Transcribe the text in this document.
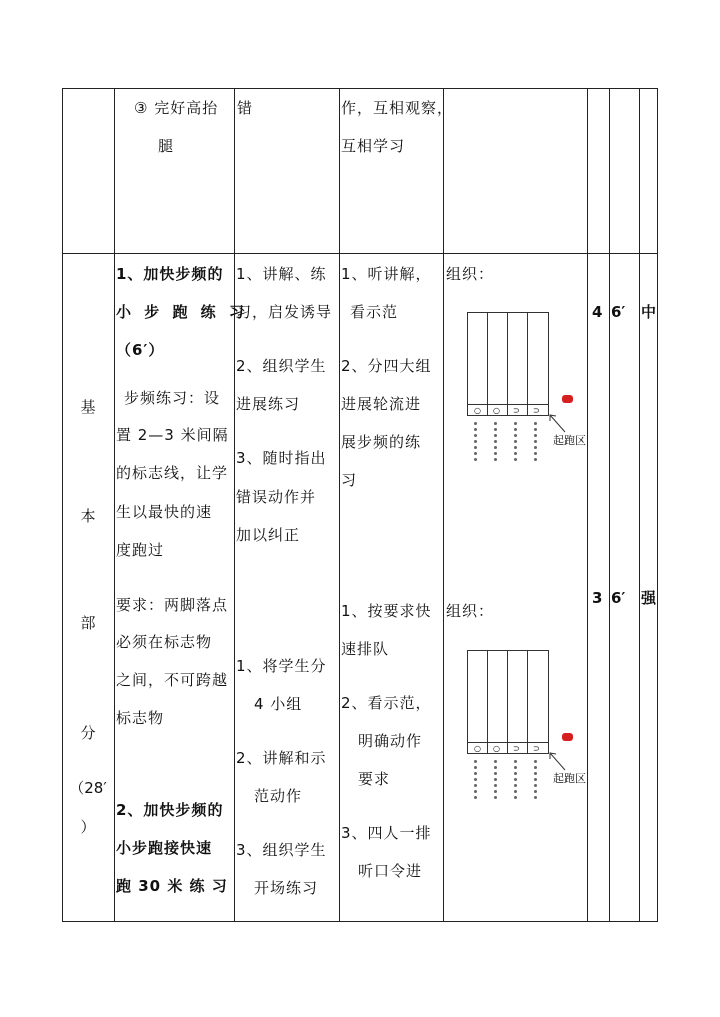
③ 完好高抬
腿
错	作，互相观察，
互相学习
基
本
部
分
（28′
）
1、加快步频的
小 步 跑 练 习
（6′）
步频练习：设
置 2—3 米间隔
的标志线，让学
生以最快的速
度跑过
要求：两脚落点
必须在标志物
之间，不可跨越
标志物
2、加快步频的
小步跑接快速
跑 30 米 练 习
1、讲解、练
习，启发诱导
2、组织学生
进展练习
3、随时指出
错误动作并
加以纠正
1、将学生分
4 小组
2、讲解和示
范动作
3、组织学生
开场练习
1、听讲解，
看示范
2、分四大组
进展轮流进
展步频的练
习
1、按要求快
速排队
2、看示范，
明确动作
要求
3、四人一排
听口令进
组织：
组织：
○ ○ ⊃ ⊃
起跑区
○ ○ ⊃ ⊃
起跑区
4 6′ 中
3 6′ 强
